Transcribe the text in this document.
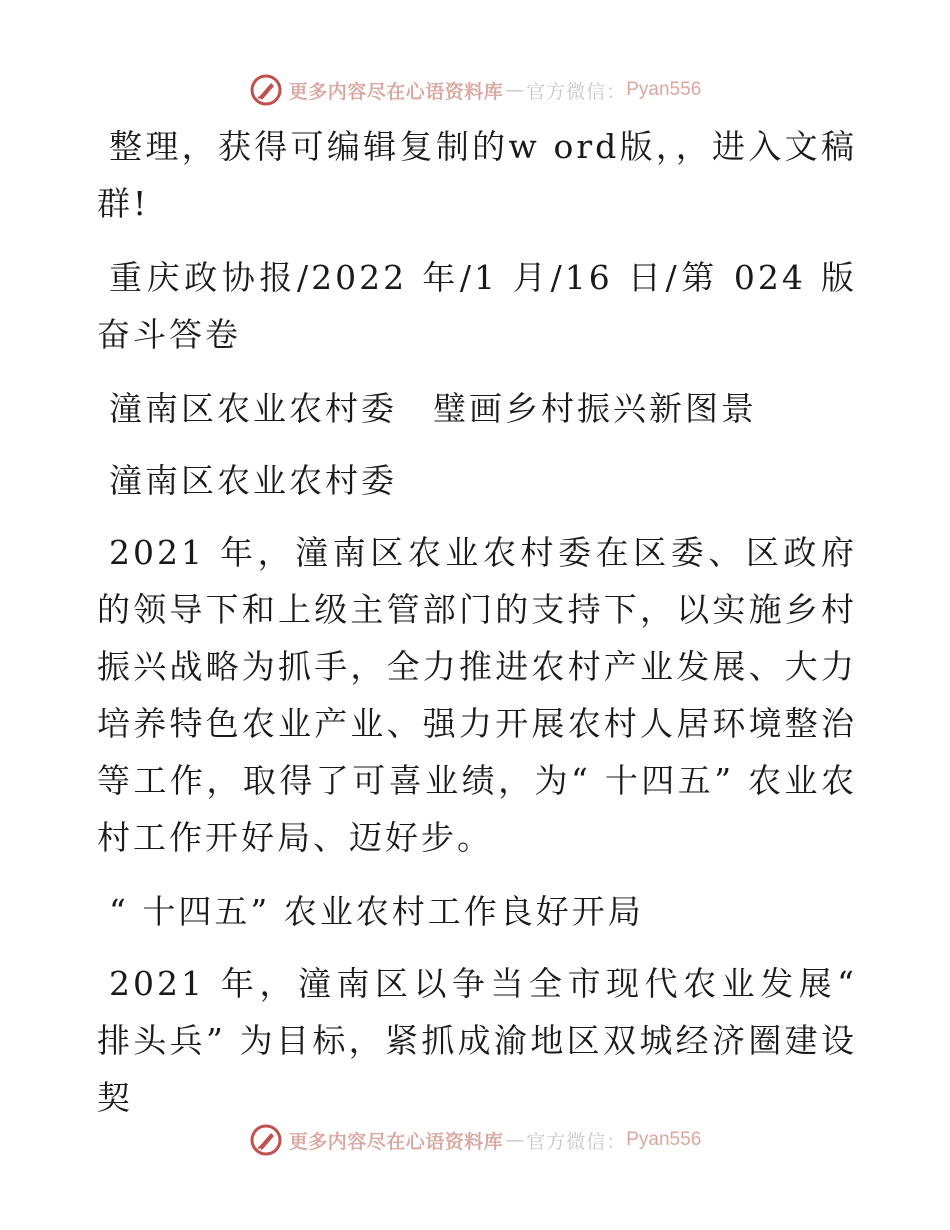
更多内容尽在心语资料库 — 官方微信： Pyan556

整理，获得可编辑复制的w ord版，，进入文稿群!

重庆政协报/2022 年/1 月/16 日/第 024 版奋斗答卷

潼南区农业农村委　璧画乡村振兴新图景

潼南区农业农村委

2021 年，潼南区农业农村委在区委、区政府的领导下和上级主管部门的支持下，以实施乡村振兴战略为抓手，全力推进农村产业发展、大力培养特色农业产业、强力开展农村人居环境整治等工作，取得了可喜业绩，为“ 十四五” 农业农村工作开好局、迈好步。

“ 十四五” 农业农村工作良好开局

2021 年，潼南区以争当全市现代农业发展“ 排头兵” 为目标，紧抓成渝地区双城经济圈建设契

更多内容尽在心语资料库 — 官方微信： Pyan556
